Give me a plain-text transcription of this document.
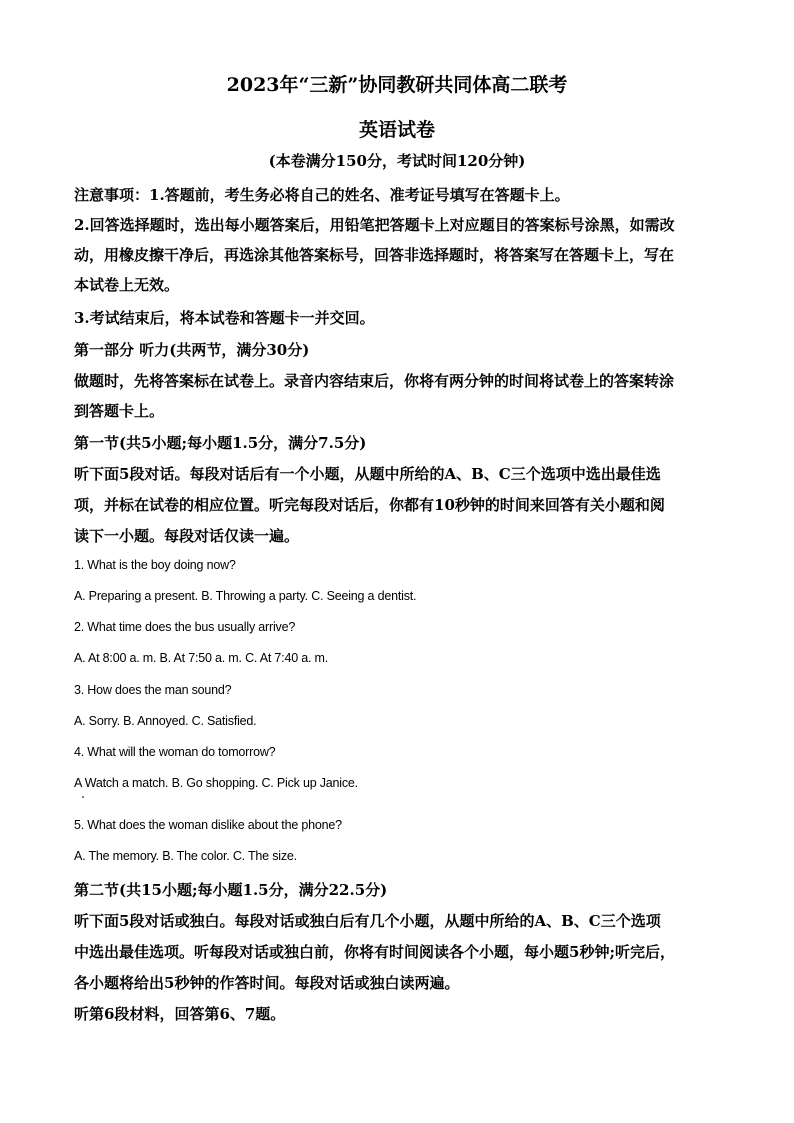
2023年“三新”协同教研共同体高二联考
英语试卷
(本卷满分150分，考试时间120分钟)
注意事项：1.答题前，考生务必将自己的姓名、准考证号填写在答题卡上。
2.回答选择题时，选出每小题答案后，用铅笔把答题卡上对应题目的答案标号涂黑，如需改
动，用橡皮擦干净后，再选涂其他答案标号，回答非选择题时，将答案写在答题卡上，写在
本试卷上无效。
3.考试结束后，将本试卷和答题卡一并交回。
第一部分 听力(共两节，满分30分)
做题时，先将答案标在试卷上。录音内容结束后，你将有两分钟的时间将试卷上的答案转涂
到答题卡上。
第一节(共5小题;每小题1.5分，满分7.5分)
听下面5段对话。每段对话后有一个小题，从题中所给的A、B、C三个选项中选出最佳选
项，并标在试卷的相应位置。听完每段对话后，你都有10秒钟的时间来回答有关小题和阅
读下一小题。每段对话仅读一遍。
1. What is the boy doing now?
A. Preparing a present. B. Throwing a party. C. Seeing a dentist.
2. What time does the bus usually arrive?
A. At 8:00 a. m. B. At 7:50 a. m. C. At 7:40 a. m.
3. How does the man sound?
A. Sorry. B. Annoyed. C. Satisfied.
4. What will the woman do tomorrow?
A Watch a match. B. Go shopping. C. Pick up Janice.
5. What does the woman dislike about the phone?
A. The memory. B. The color. C. The size.
第二节(共15小题;每小题1.5分，满分22.5分)
听下面5段对话或独白。每段对话或独白后有几个小题，从题中所给的A、B、C三个选项
中选出最佳选项。听每段对话或独白前，你将有时间阅读各个小题，每小题5秒钟;听完后，
各小题将给出5秒钟的作答时间。每段对话或独白读两遍。
听第6段材料，回答第6、7题。
